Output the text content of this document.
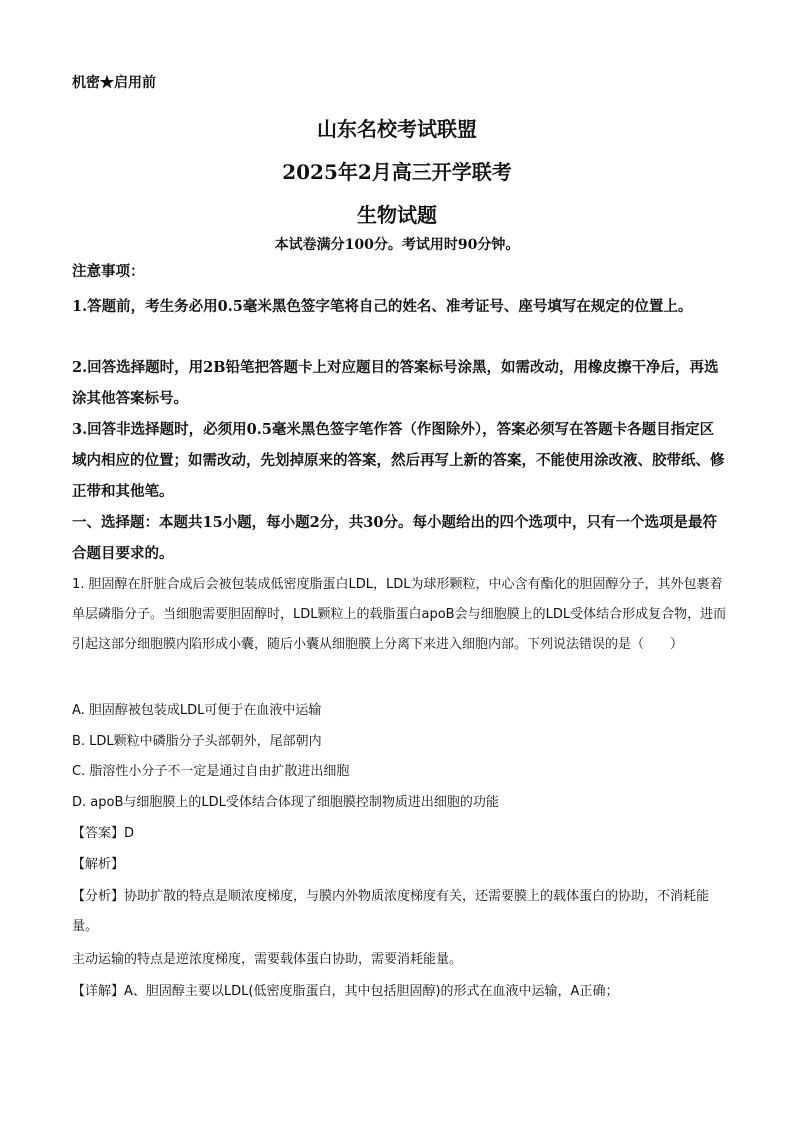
机密★启用前
山东名校考试联盟
2025年2月高三开学联考
生物试题
本试卷满分100分。考试用时90分钟。

注意事项：

1.答题前，考生务必用0.5毫米黑色签字笔将自己的姓名、准考证号、座号填写在规定的位置上。

2.回答选择题时，用2B铅笔把答题卡上对应题目的答案标号涂黑，如需改动，用橡皮擦干净后，再选涂其他答案标号。

3.回答非选择题时，必须用0.5毫米黑色签字笔作答（作图除外），答案必须写在答题卡各题目指定区域内相应的位置；如需改动，先划掉原来的答案，然后再写上新的答案，不能使用涂改液、胶带纸、修正带和其他笔。

一、选择题：本题共15小题，每小题2分，共30分。每小题给出的四个选项中，只有一个选项是最符合题目要求的。

1. 胆固醇在肝脏合成后会被包装成低密度脂蛋白LDL，LDL为球形颗粒，中心含有酯化的胆固醇分子，其外包裹着单层磷脂分子。当细胞需要胆固醇时，LDL颗粒上的载脂蛋白apoB会与细胞膜上的LDL受体结合形成复合物，进而引起这部分细胞膜内陷形成小囊，随后小囊从细胞膜上分离下来进入细胞内部。下列说法错误的是（　　）

A. 胆固醇被包装成LDL可便于在血液中运输

B. LDL颗粒中磷脂分子头部朝外，尾部朝内

C. 脂溶性小分子不一定是通过自由扩散进出细胞

D. apoB与细胞膜上的LDL受体结合体现了细胞膜控制物质进出细胞的功能

【答案】D

【解析】

【分析】协助扩散的特点是顺浓度梯度，与膜内外物质浓度梯度有关，还需要膜上的载体蛋白的协助，不消耗能量。

主动运输的特点是逆浓度梯度，需要载体蛋白协助，需要消耗能量。

【详解】A、胆固醇主要以LDL(低密度脂蛋白，其中包括胆固醇)的形式在血液中运输，A正确；
